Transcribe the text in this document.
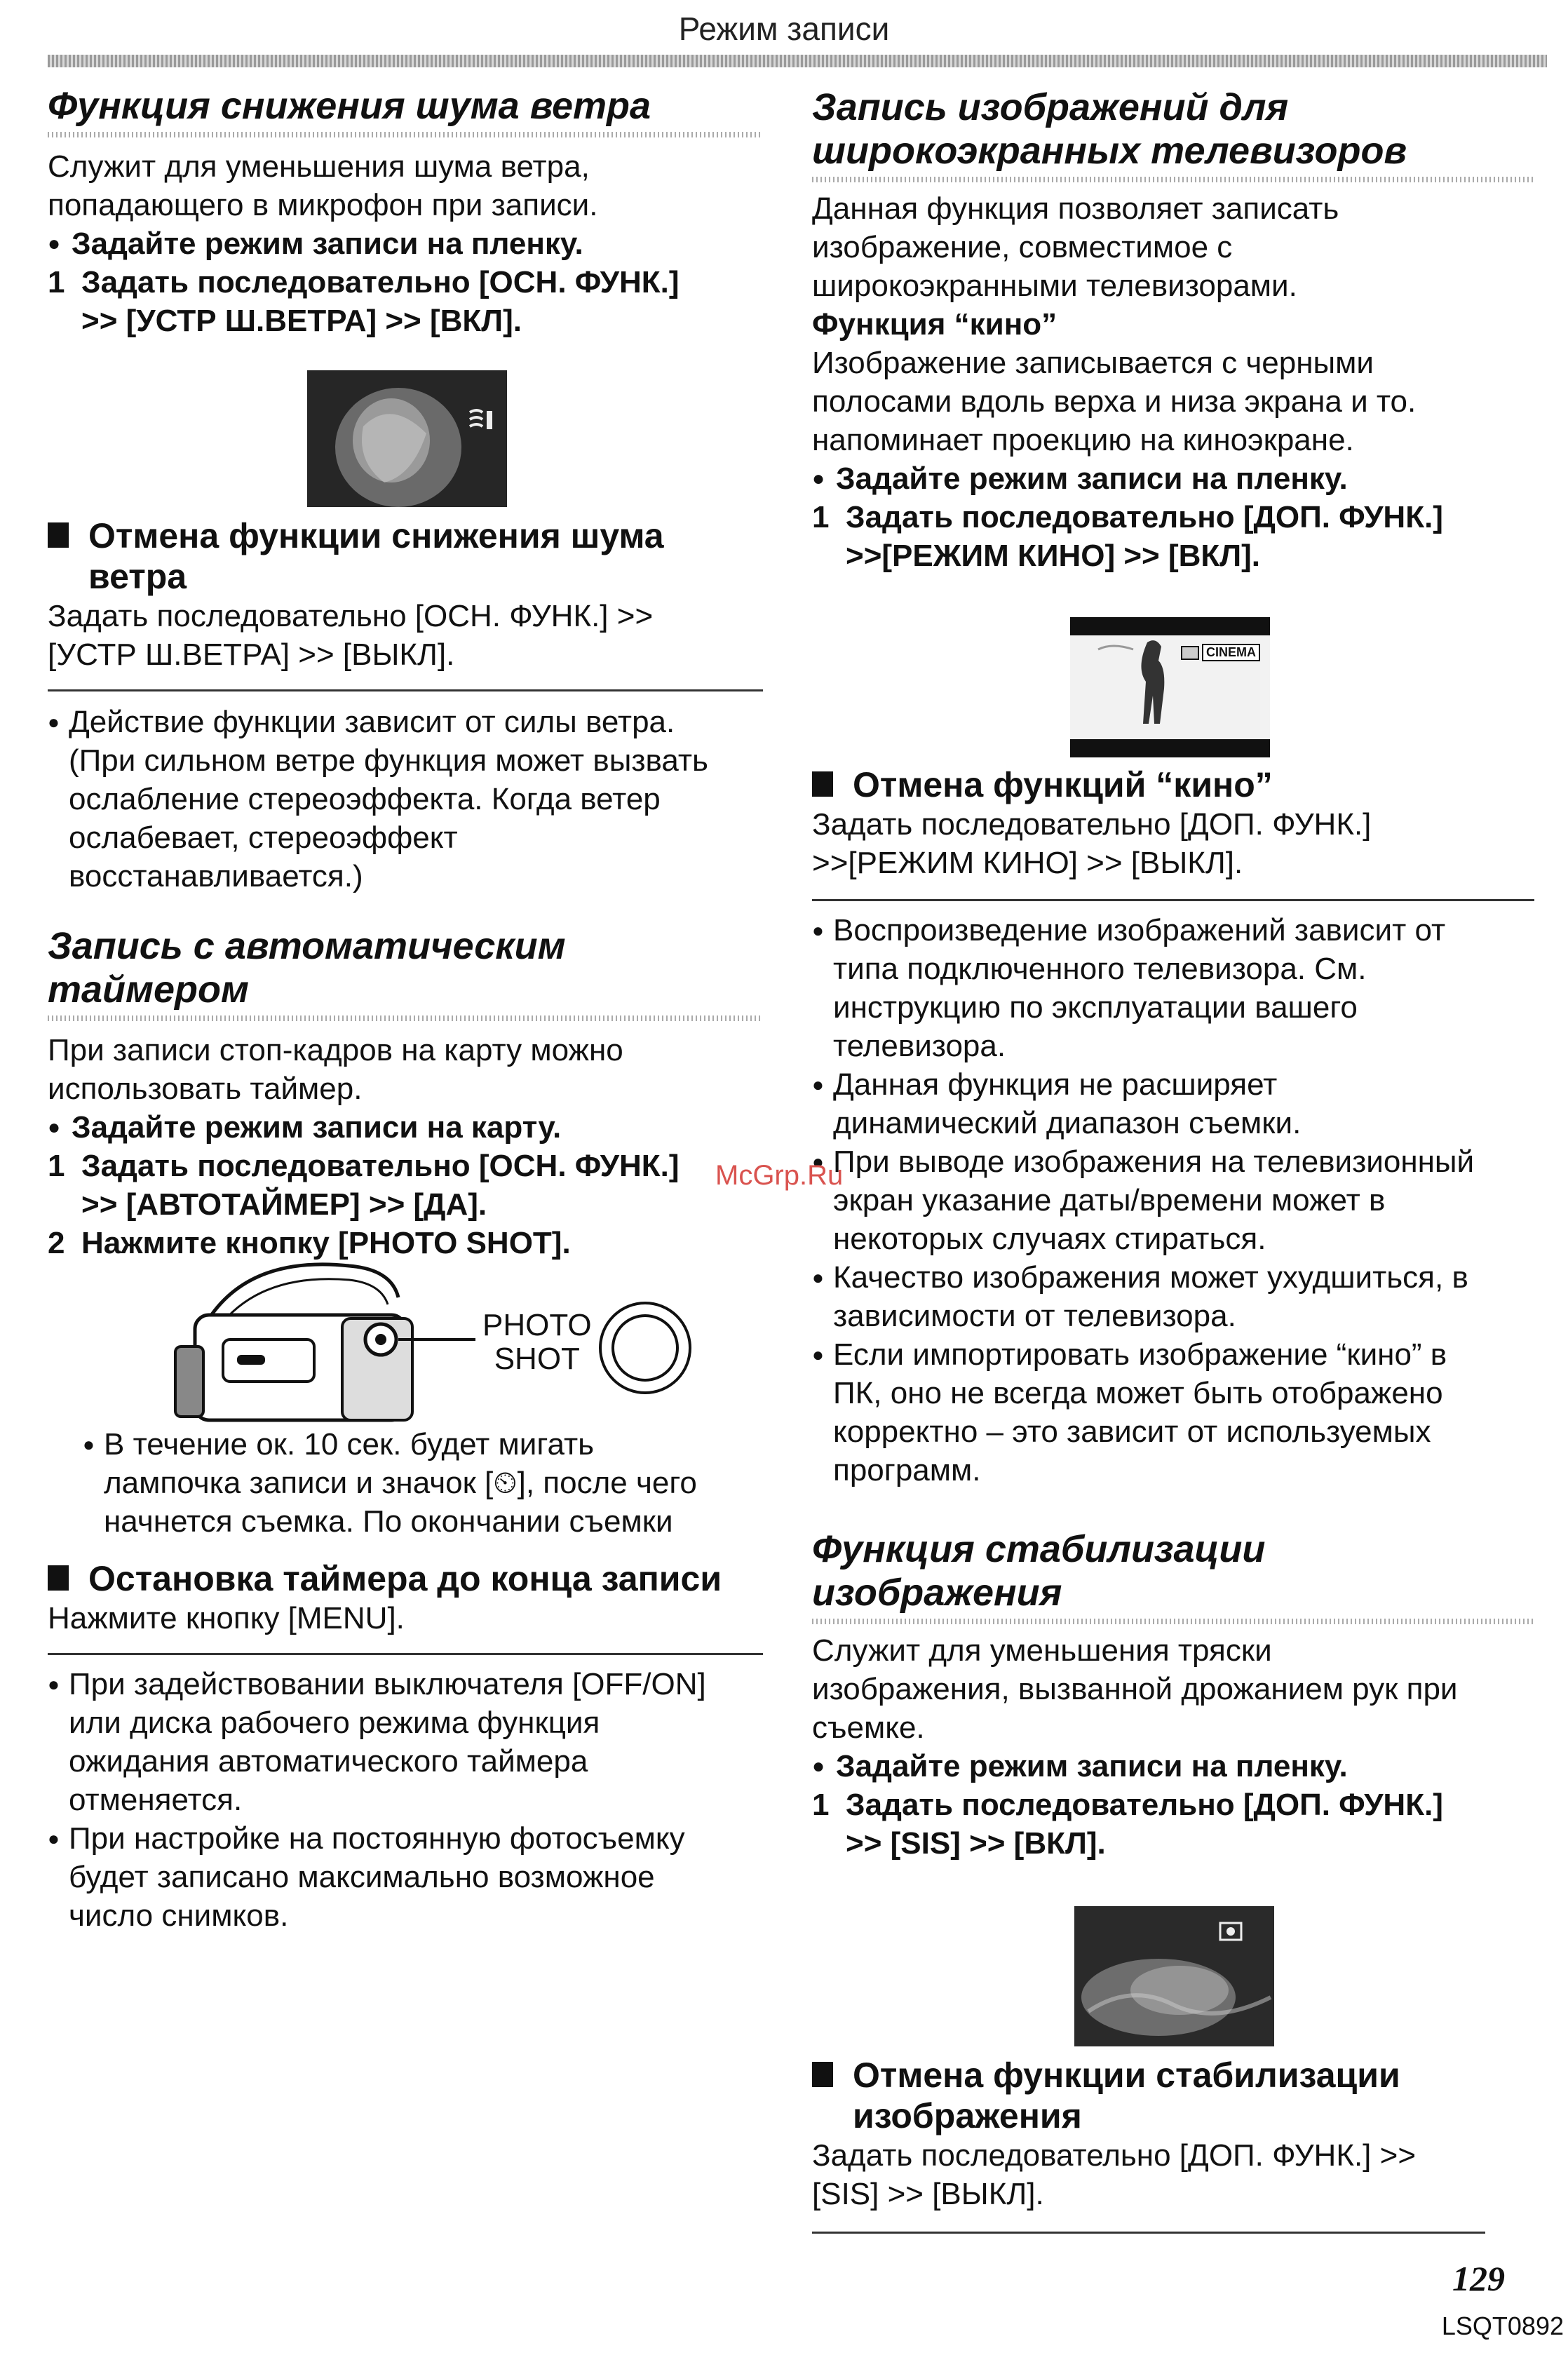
Режим записи
Функция снижения шума ветра

Служит для уменьшения шума ветра,

попадающего в микрофон при записи.

● Задайте режим записи на пленку.

1 Задать последовательно [ОСН. ФУНК.]
>> [УСТР Ш.ВЕТРА] >> [ВКЛ].
Отмена функции снижения шума
ветра

Задать последовательно [ОСН. ФУНК.] >>

[УСТР Ш.ВЕТРА] >> [ВЫКЛ].

● Действие функции зависит от силы ветра.
(При сильном ветре функция может вызвать
ослабление стереоэффекта. Когда ветер
ослабевает, стереоэффект
восстанавливается.)
Запись с автоматическим таймером

При записи стоп-кадров на карту можно

использовать таймер.

● Задайте режим записи на карту.

1 Задать последовательно [ОСН. ФУНК.]
>> [АВТОТАЙМЕР] >> [ДА].
2 Нажмите кнопку [PHOTO SHOT].
PHOTO
SHOT
● В течение ок. 10 сек. будет мигать
лампочка записи и значок [⏲], после чего
начнется съемка. По окончании съемки
Остановка таймера до конца записи

Нажмите кнопку [MENU].

● При задействовании выключателя [OFF/ON]
или диска рабочего режима функция
ожидания автоматического таймера
отменяется.
● При настройке на постоянную фотосъемку
будет записано максимально возможное
число снимков.
Запись изображений для
широкоэкранных телевизоров

Данная функция позволяет записать

изображение, совместимое с

широкоэкранными телевизорами.

Функция “кино”

Изображение записывается с черными

полосами вдоль верха и низа экрана и то.

напоминает проекцию на киноэкране.

● Задайте режим записи на пленку.

1 Задать последовательно [ДОП. ФУНК.]
>>[РЕЖИМ КИНО] >> [ВКЛ].
CINEMA
Отмена функций “кино”

Задать последовательно [ДОП. ФУНК.]

>>[РЕЖИМ КИНО] >> [ВЫКЛ].

● Воспроизведение изображений зависит от
типа подключенного телевизора. См.
инструкцию по эксплуатации вашего
телевизора.
● Данная функция не расширяет
динамический диапазон съемки.
● При выводе изображения на телевизионный
экран указание даты/времени может в
некоторых случаях стираться.
● Качество изображения может ухудшиться, в
зависимости от телевизора.
● Если импортировать изображение “кино” в
ПК, оно не всегда может быть отображено
корректно – это зависит от используемых
программ.
Функция стабилизации
изображения

Служит для уменьшения тряски

изображения, вызванной дрожанием рук при

съемке.

● Задайте режим записи на пленку.

1 Задать последовательно [ДОП. ФУНК.]
>> [SIS] >> [ВКЛ].
Отмена функции стабилизации
изображения

Задать последовательно [ДОП. ФУНК.] >>

[SIS] >> [ВЫКЛ].

McGrp.Ru
129
LSQT0892
